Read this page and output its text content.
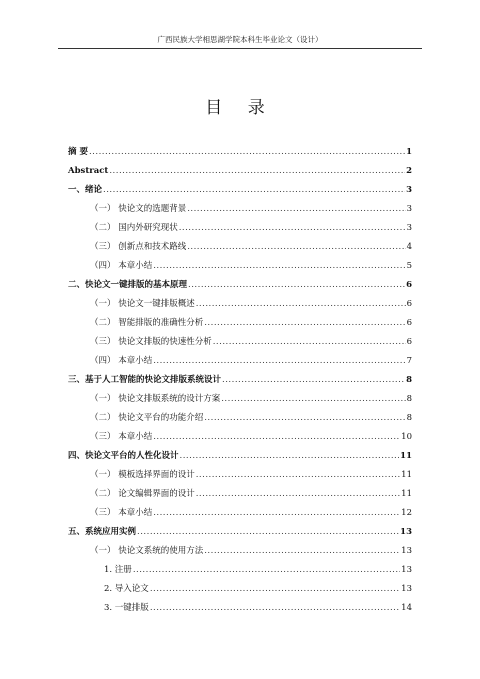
广西民族大学相思湖学院本科生毕业论文（设计）
目 录
摘 要 .....	1
Abstract .....	2
一、绪论 .....	3
（一） 快论文的选题背景 .....	3
（二） 国内外研究现状 .....	3
（三） 创新点和技术路线 .....	4
（四） 本章小结 .....	5
二、快论文一键排版的基本原理 .....	6
（一） 快论文一键排版概述 .....	6
（二） 智能排版的准确性分析 .....	6
（三） 快论文排版的快速性分析 .....	6
（四） 本章小结 .....	7
三、基于人工智能的快论文排版系统设计 .....	8
（一） 快论文排版系统的设计方案 .....	8
（二） 快论文平台的功能介绍 .....	8
（三） 本章小结 .....	10
四、快论文平台的人性化设计 .....	11
（一） 模板选择界面的设计 .....	11
（二） 论文编辑界面的设计 .....	11
（三） 本章小结 .....	12
五、系统应用实例 .....	13
（一） 快论文系统的使用方法 .....	13
1. 注册 .....	13
2. 导入论文 .....	13
3. 一键排版 .....	14
